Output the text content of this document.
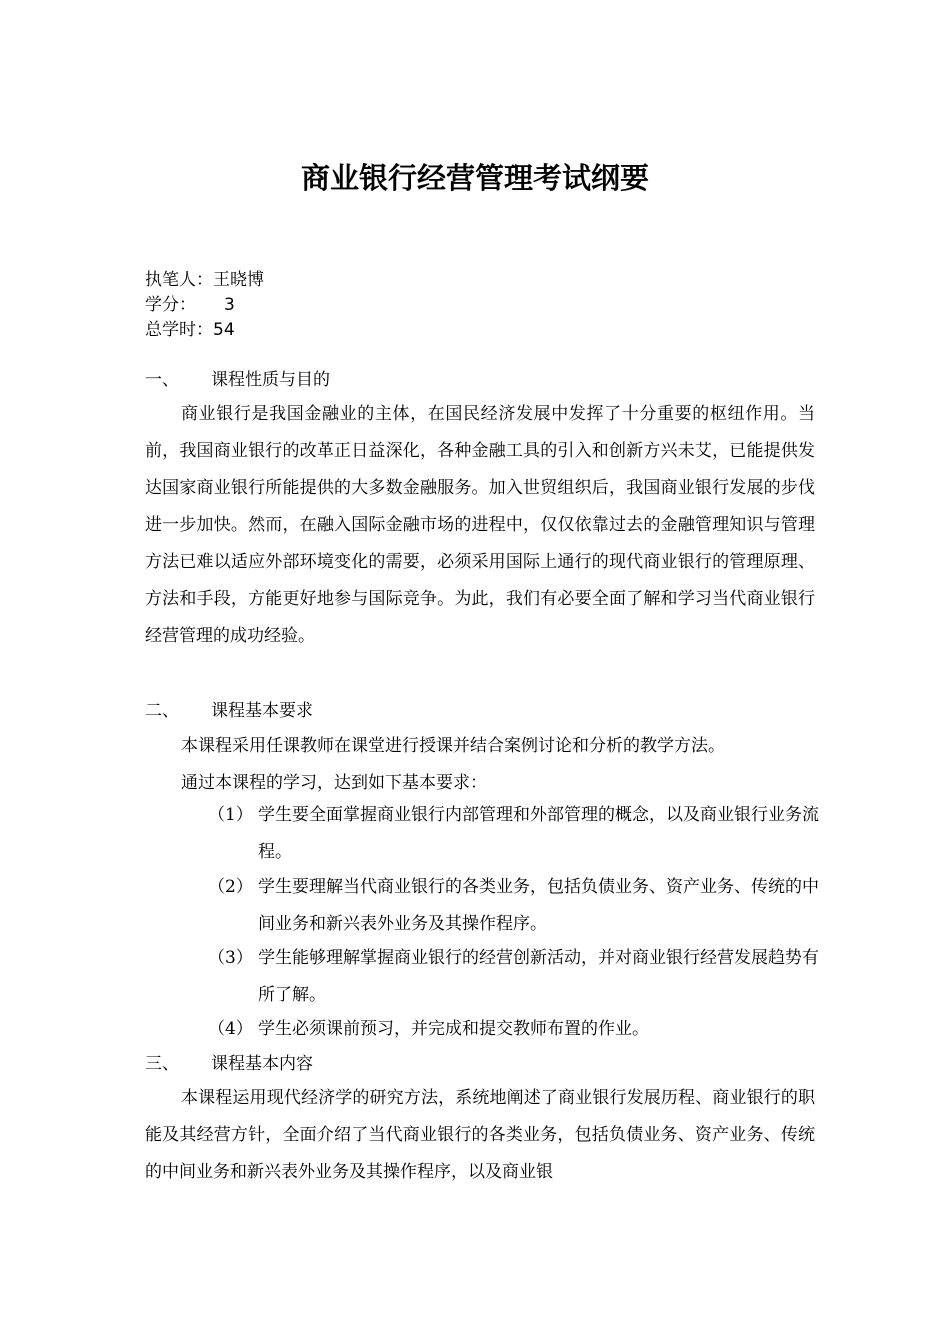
商业银行经营管理考试纲要
执笔人：王晓博
学分： 3
总学时：54
一、 课程性质与目的

商业银行是我国金融业的主体，在国民经济发展中发挥了十分重要的枢纽作用。当前，我国商业银行的改革正日益深化，各种金融工具的引入和创新方兴未艾，已能提供发达国家商业银行所能提供的大多数金融服务。加入世贸组织后，我国商业银行发展的步伐进一步加快。然而，在融入国际金融市场的进程中，仅仅依靠过去的金融管理知识与管理方法已难以适应外部环境变化的需要，必须采用国际上通行的现代商业银行的管理原理、方法和手段，方能更好地参与国际竞争。为此，我们有必要全面了解和学习当代商业银行经营管理的成功经验。

二、 课程基本要求

本课程采用任课教师在课堂进行授课并结合案例讨论和分析的教学方法。

通过本课程的学习，达到如下基本要求：

（1） 学生要全面掌握商业银行内部管理和外部管理的概念，以及商业银行业务流程。
（2） 学生要理解当代商业银行的各类业务，包括负债业务、资产业务、传统的中间业务和新兴表外业务及其操作程序。
（3） 学生能够理解掌握商业银行的经营创新活动，并对商业银行经营发展趋势有所了解。
（4） 学生必须课前预习，并完成和提交教师布置的作业。
三、 课程基本内容

本课程运用现代经济学的研究方法，系统地阐述了商业银行发展历程、商业银行的职能及其经营方针，全面介绍了当代商业银行的各类业务，包括负债业务、资产业务、传统的中间业务和新兴表外业务及其操作程序，以及商业银
